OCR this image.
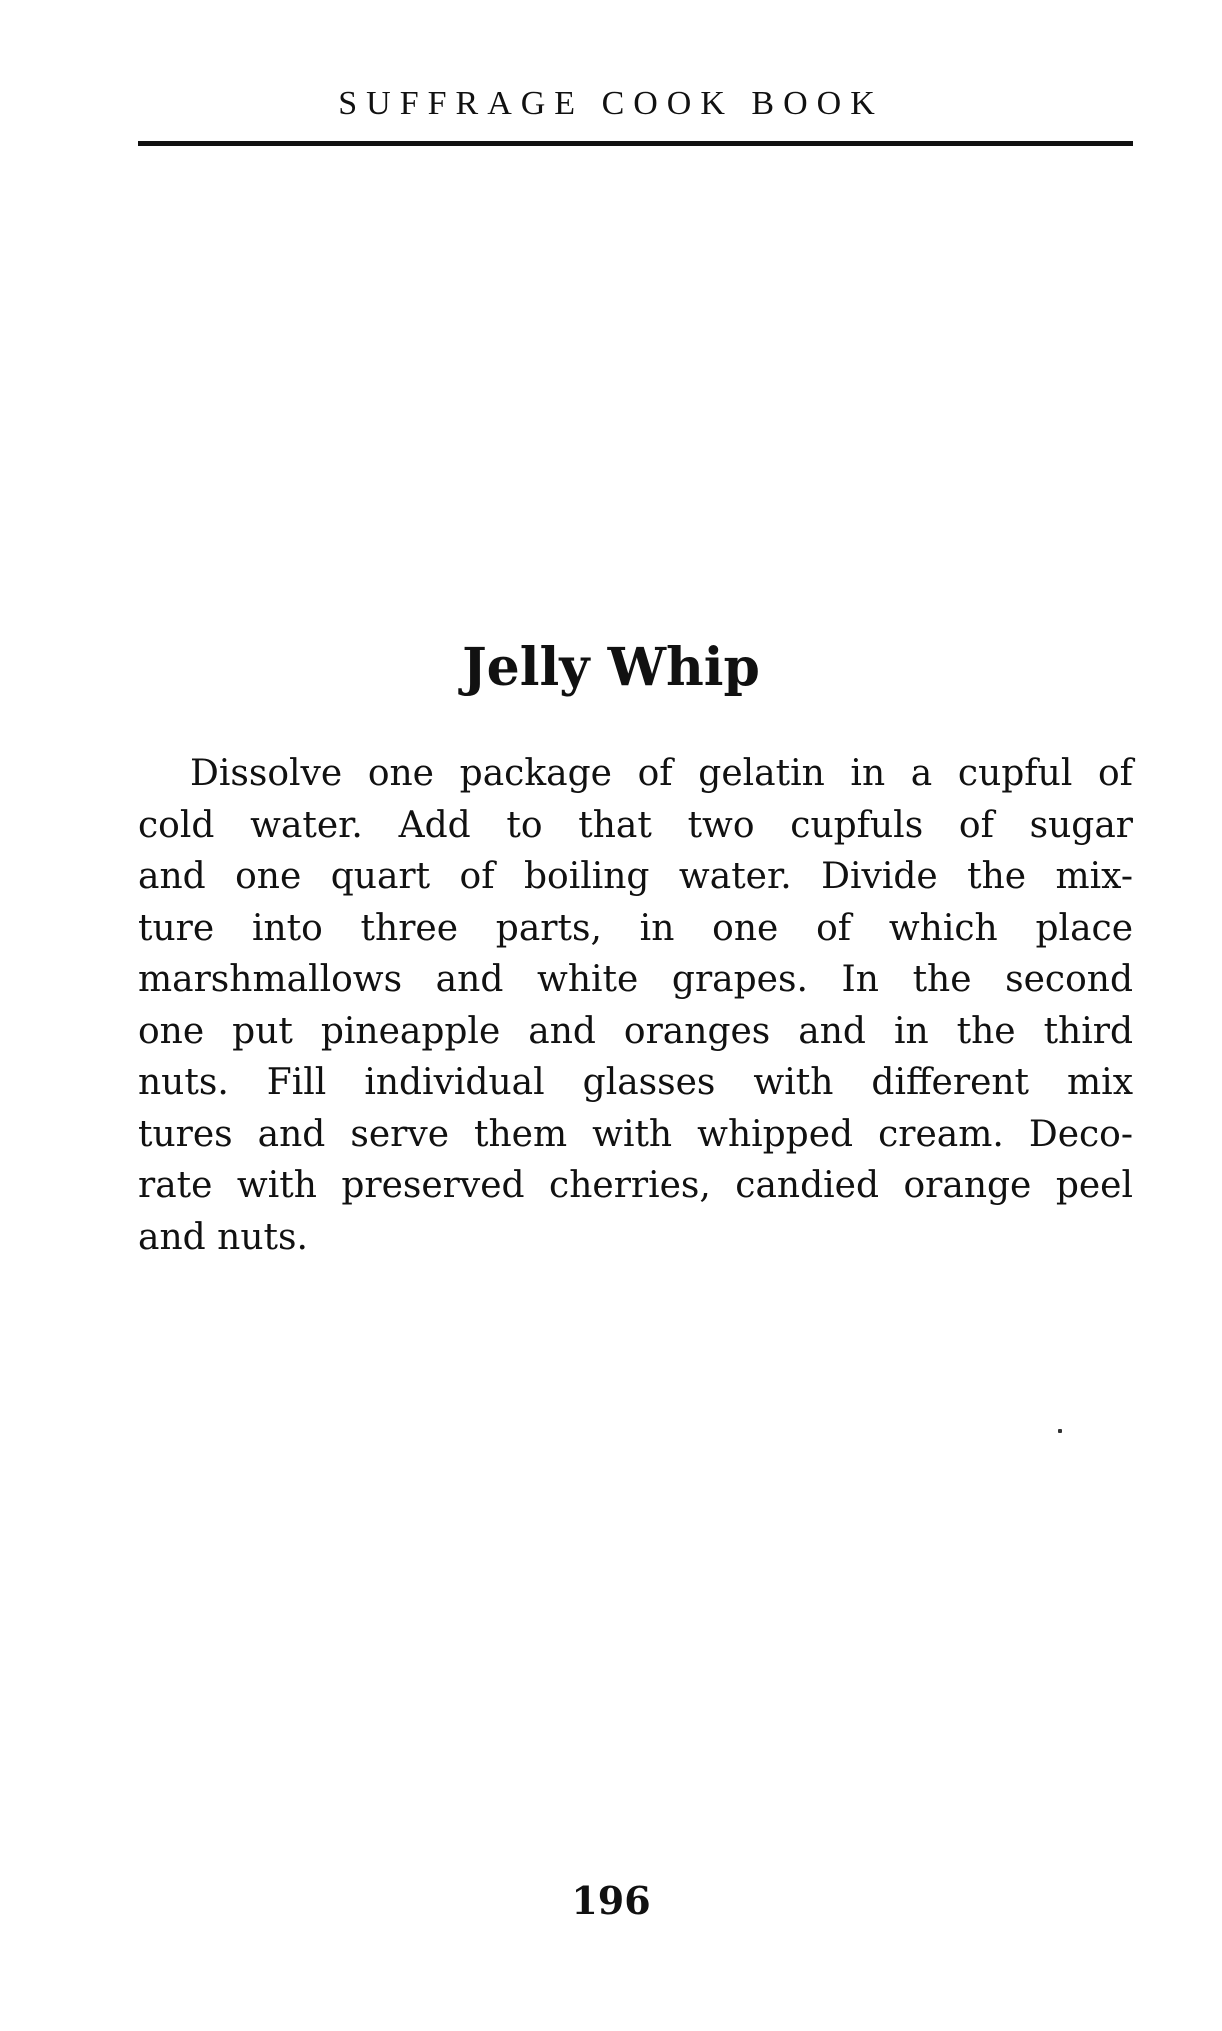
SUFFRAGE COOK BOOK
Jelly Whip
Dissolve one package of gelatin in a cupful of
cold water. Add to that two cupfuls of sugar
and one quart of boiling water. Divide the mix-
ture into three parts, in one of which place
marshmallows and white grapes. In the second
one put pineapple and oranges and in the third
nuts. Fill individual glasses with different mix
tures and serve them with whipped cream. Deco-
rate with preserved cherries, candied orange peel
and nuts.
196
